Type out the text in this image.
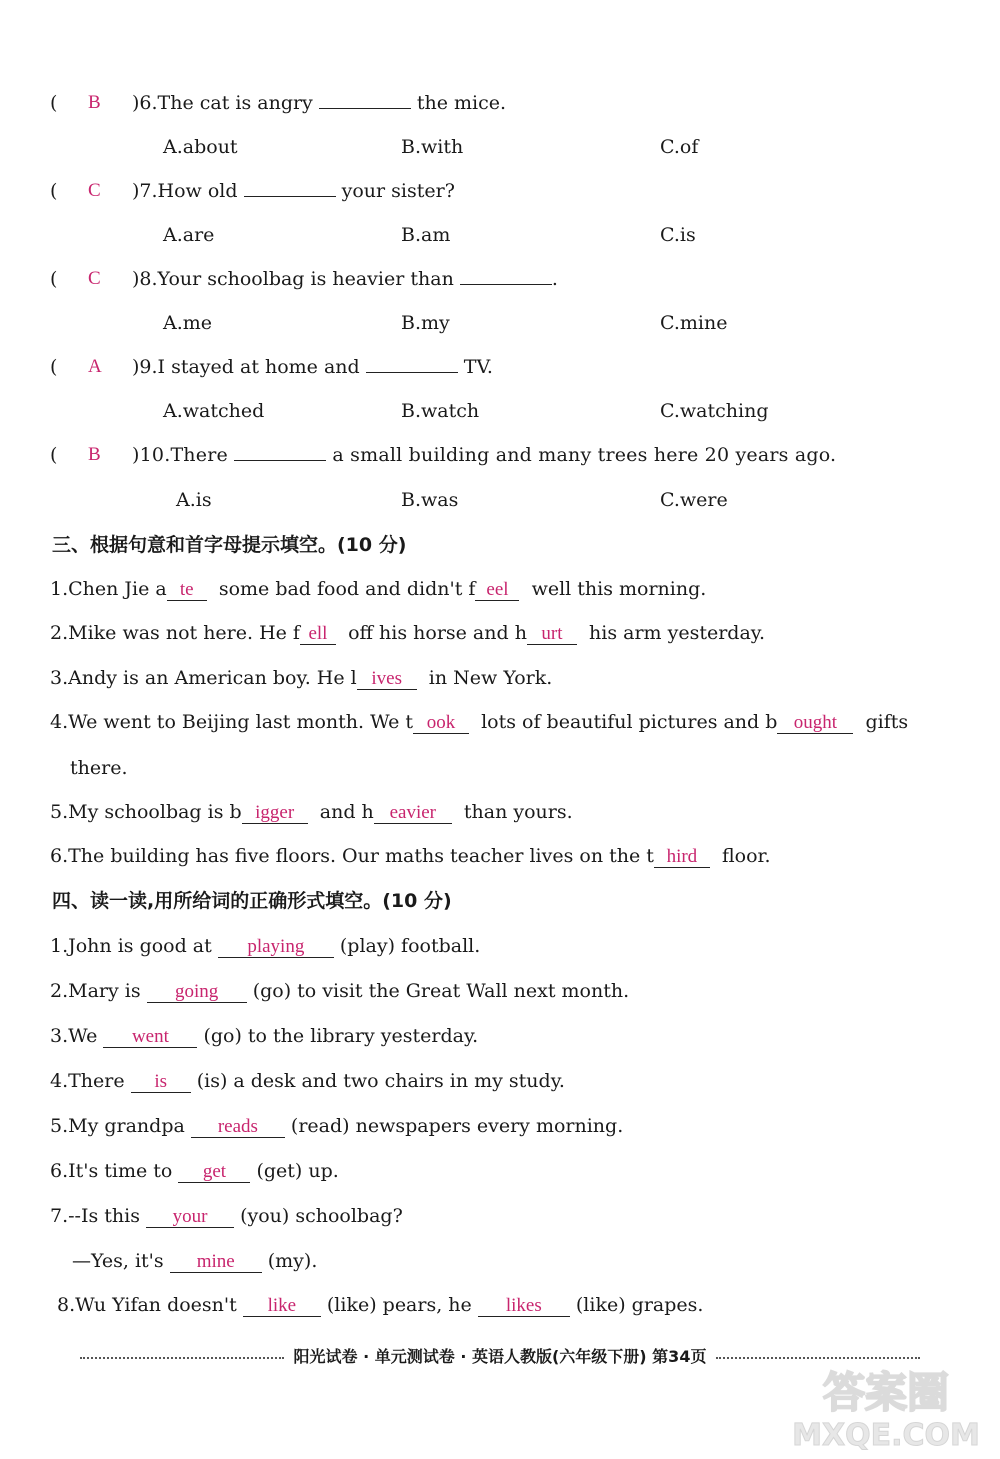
( B )6.The cat is angry	the mice.
A.about	B.with	C.of
( C )7.How old	your sister?
A.are	B.am	C.is
( C )8.Your schoolbag is heavier than	.
A.me	B.my	C.mine
( A )9.I stayed at home and	TV.
A.watched	B.watch	C.watching
( B )10.There	a small building and many trees here 20 years ago.
A.is	B.was	C.were
三、根据句意和首字母提示填空。(10 分)
1.Chen Jie a te some bad food and didn't f eel well this morning.
2.Mike was not here. He f ell off his horse and h urt his arm yesterday.
3.Andy is an American boy. He l ives in New York.
4.We went to Beijing last month. We t ook lots of beautiful pictures and b ought gifts
there.
5.My schoolbag is b igger and h eavier than yours.
6.The building has five floors. Our maths teacher lives on the t hird floor.
四、读一读,用所给词的正确形式填空。(10 分)
1.John is good at playing (play) football.
2.Mary is going (go) to visit the Great Wall next month.
3.We went (go) to the library yesterday.
4.There is (is) a desk and two chairs in my study.
5.My grandpa reads (read) newspapers every morning.
6.It's time to get (get) up.
7.--Is this your (you) schoolbag?
—Yes, it's mine (my).
8.Wu Yifan doesn't like (like) pears, he likes (like) grapes.
阳光试卷 · 单元测试卷 · 英语人教版(六年级下册) 第34页
答案圈
MXQE.COM
